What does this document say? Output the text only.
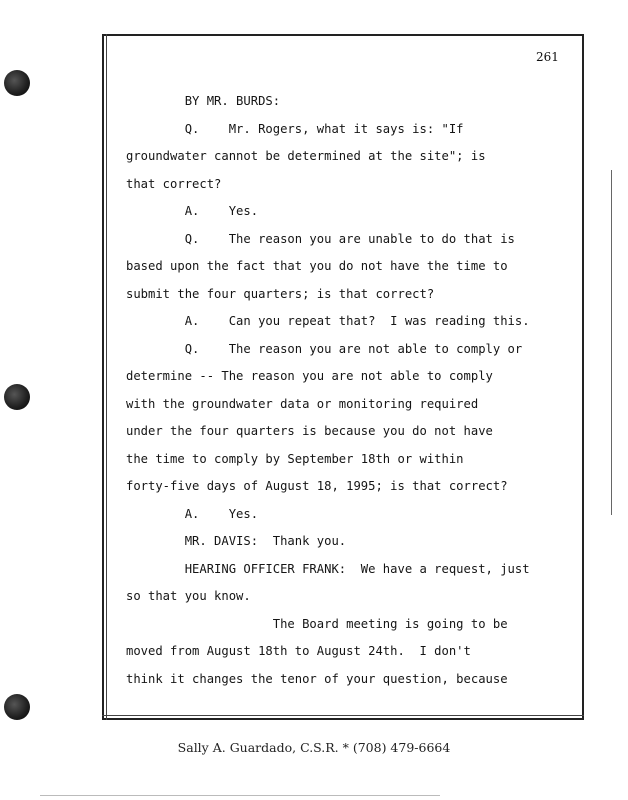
261
BY MR. BURDS:
Q.    Mr. Rogers, what it says is: "If
groundwater cannot be determined at the site"; is
that correct?
A.    Yes.
Q.    The reason you are unable to do that is
based upon the fact that you do not have the time to
submit the four quarters; is that correct?
A.    Can you repeat that?  I was reading this.
Q.    The reason you are not able to comply or
determine -- The reason you are not able to comply
with the groundwater data or monitoring required
under the four quarters is because you do not have
the time to comply by September 18th or within
forty-five days of August 18, 1995; is that correct?
A.    Yes.
MR. DAVIS:  Thank you.
HEARING OFFICER FRANK:  We have a request, just
so that you know.
The Board meeting is going to be
moved from August 18th to August 24th.  I don't
think it changes the tenor of your question, because
Sally A. Guardado, C.S.R. * (708) 479-6664
